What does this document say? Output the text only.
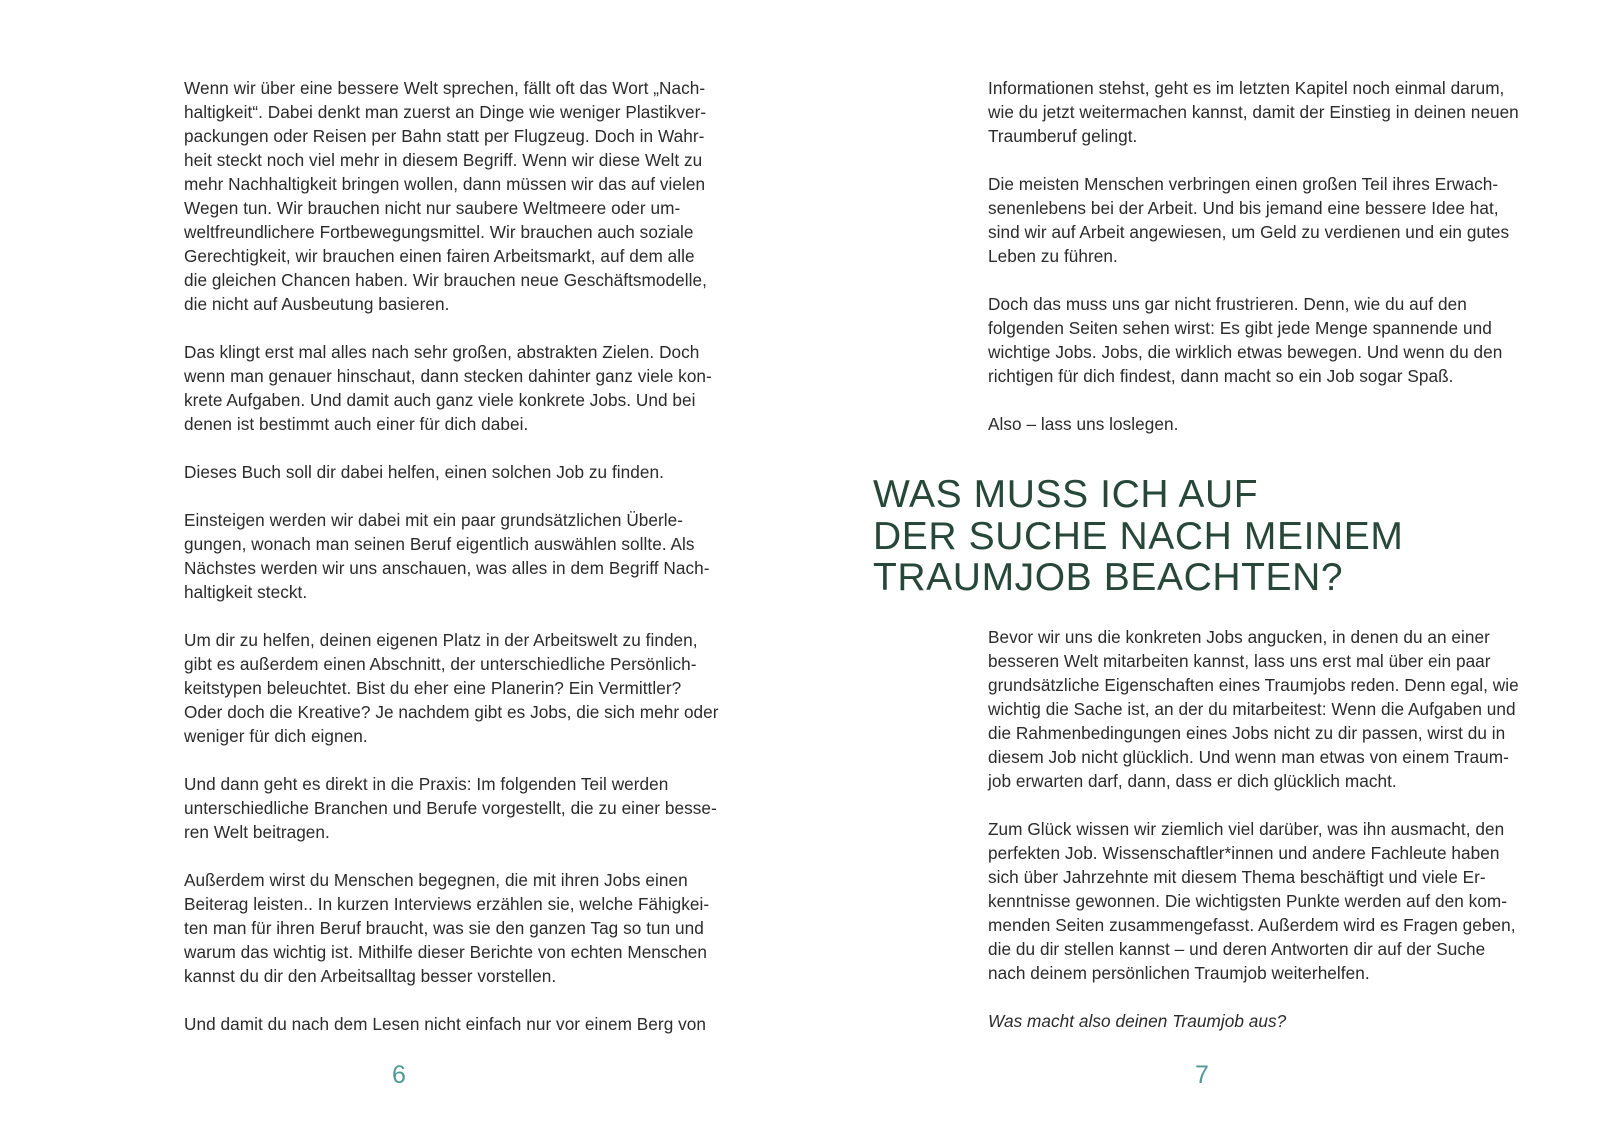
Wenn wir über eine bessere Welt sprechen, fällt oft das Wort „Nach-
haltigkeit“. Dabei denkt man zuerst an Dinge wie weniger Plastikver-
packungen oder Reisen per Bahn statt per Flugzeug. Doch in Wahr-
heit steckt noch viel mehr in diesem Begriff. Wenn wir diese Welt zu
mehr Nachhaltigkeit bringen wollen, dann müssen wir das auf vielen
Wegen tun. Wir brauchen nicht nur saubere Weltmeere oder um-
weltfreundlichere Fortbewegungsmittel. Wir brauchen auch soziale
Gerechtigkeit, wir brauchen einen fairen Arbeitsmarkt, auf dem alle
die gleichen Chancen haben. Wir brauchen neue Geschäftsmodelle,
die nicht auf Ausbeutung basieren.

Das klingt erst mal alles nach sehr großen, abstrakten Zielen. Doch
wenn man genauer hinschaut, dann stecken dahinter ganz viele kon-
krete Aufgaben. Und damit auch ganz viele konkrete Jobs. Und bei
denen ist bestimmt auch einer für dich dabei.

Dieses Buch soll dir dabei helfen, einen solchen Job zu finden.

Einsteigen werden wir dabei mit ein paar grundsätzlichen Überle-
gungen, wonach man seinen Beruf eigentlich auswählen sollte. Als
Nächstes werden wir uns anschauen, was alles in dem Begriff Nach-
haltigkeit steckt.

Um dir zu helfen, deinen eigenen Platz in der Arbeitswelt zu finden,
gibt es außerdem einen Abschnitt, der unterschiedliche Persönlich-
keitstypen beleuchtet. Bist du eher eine Planerin? Ein Vermittler?
Oder doch die Kreative? Je nachdem gibt es Jobs, die sich mehr oder
weniger für dich eignen.

Und dann geht es direkt in die Praxis: Im folgenden Teil werden
unterschiedliche Branchen und Berufe vorgestellt, die zu einer besse-
ren Welt beitragen.

Außerdem wirst du Menschen begegnen, die mit ihren Jobs einen
Beiterag leisten.. In kurzen Interviews erzählen sie, welche Fähigkei-
ten man für ihren Beruf braucht, was sie den ganzen Tag so tun und
warum das wichtig ist. Mithilfe dieser Berichte von echten Menschen
kannst du dir den Arbeitsalltag besser vorstellen.

Und damit du nach dem Lesen nicht einfach nur vor einem Berg von

6

Informationen stehst, geht es im letzten Kapitel noch einmal darum,
wie du jetzt weitermachen kannst, damit der Einstieg in deinen neuen
Traumberuf gelingt.

Die meisten Menschen verbringen einen großen Teil ihres Erwach-
senenlebens bei der Arbeit. Und bis jemand eine bessere Idee hat,
sind wir auf Arbeit angewiesen, um Geld zu verdienen und ein gutes
Leben zu führen.

Doch das muss uns gar nicht frustrieren. Denn, wie du auf den
folgenden Seiten sehen wirst: Es gibt jede Menge spannende und
wichtige Jobs. Jobs, die wirklich etwas bewegen. Und wenn du den
richtigen für dich findest, dann macht so ein Job sogar Spaß.

Also – lass uns loslegen.

WAS MUSS ICH AUF
DER SUCHE NACH MEINEM
TRAUMJOB BEACHTEN?

Bevor wir uns die konkreten Jobs angucken, in denen du an einer
besseren Welt mitarbeiten kannst, lass uns erst mal über ein paar
grundsätzliche Eigenschaften eines Traumjobs reden. Denn egal, wie
wichtig die Sache ist, an der du mitarbeitest: Wenn die Aufgaben und
die Rahmenbedingungen eines Jobs nicht zu dir passen, wirst du in
diesem Job nicht glücklich. Und wenn man etwas von einem Traum-
job erwarten darf, dann, dass er dich glücklich macht.

Zum Glück wissen wir ziemlich viel darüber, was ihn ausmacht, den
perfekten Job. Wissenschaftler*innen und andere Fachleute haben
sich über Jahrzehnte mit diesem Thema beschäftigt und viele Er-
kenntnisse gewonnen. Die wichtigsten Punkte werden auf den kom-
menden Seiten zusammengefasst. Außerdem wird es Fragen geben,
die du dir stellen kannst – und deren Antworten dir auf der Suche
nach deinem persönlichen Traumjob weiterhelfen.

Was macht also deinen Traumjob aus?

7
